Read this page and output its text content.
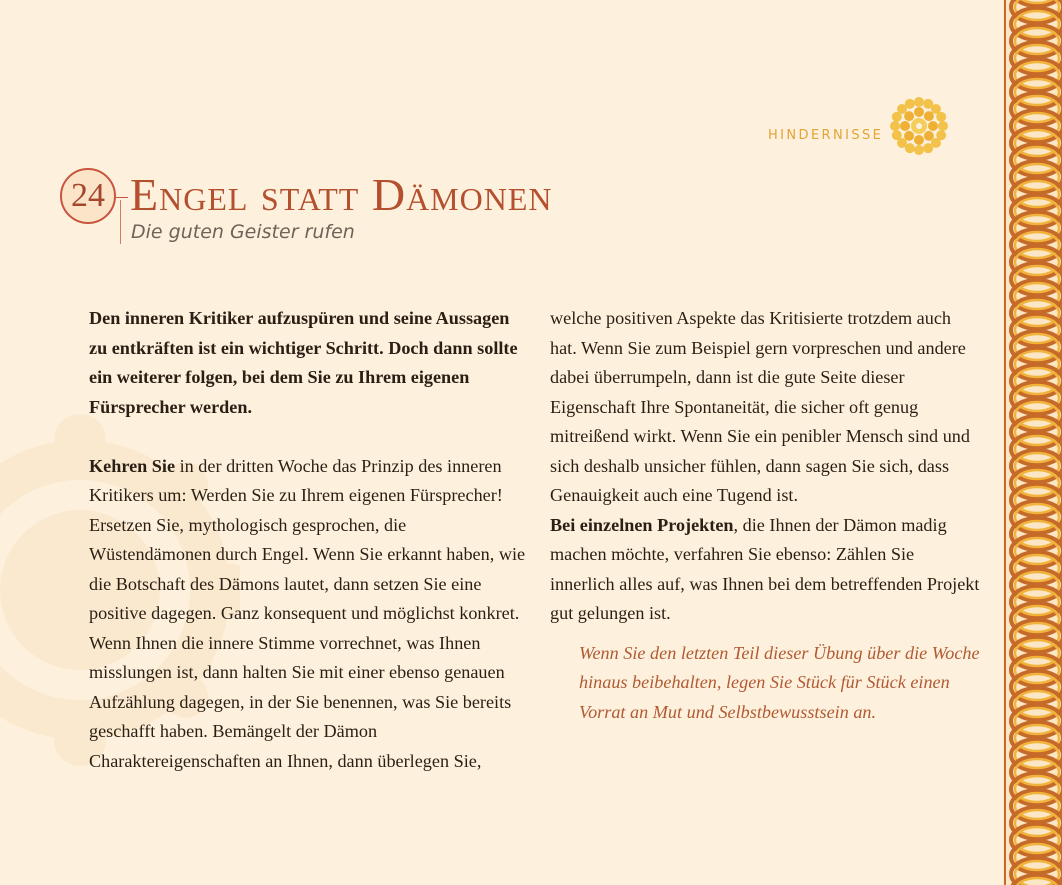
HINDERNISSE
24 Engel statt Dämonen
Die guten Geister rufen

Den inneren Kritiker aufzuspüren und seine Aussagen zu entkräften ist ein wichtiger Schritt. Doch dann sollte ein weiterer folgen, bei dem Sie zu Ihrem eigenen Fürsprecher werden.

Kehren Sie in der dritten Woche das Prinzip des inneren Kritikers um: Werden Sie zu Ihrem eigenen Fürsprecher! Ersetzen Sie, mythologisch gesprochen, die Wüstendämonen durch Engel. Wenn Sie erkannt haben, wie die Botschaft des Dämons lautet, dann setzen Sie eine positive dagegen. Ganz konsequent und möglichst konkret. Wenn Ihnen die innere Stimme vorrechnet, was Ihnen misslungen ist, dann halten Sie mit einer ebenso genauen Aufzählung dagegen, in der Sie benennen, was Sie bereits geschafft haben. Bemängelt der Dämon Charaktereigenschaften an Ihnen, dann überlegen Sie,

welche positiven Aspekte das Kritisierte trotzdem auch hat. Wenn Sie zum Beispiel gern vorpreschen und andere dabei überrumpeln, dann ist die gute Seite dieser Eigenschaft Ihre Spontaneität, die sicher oft genug mitreißend wirkt. Wenn Sie ein penibler Mensch sind und sich deshalb unsicher fühlen, dann sagen Sie sich, dass Genauigkeit auch eine Tugend ist.

Bei einzelnen Projekten, die Ihnen der Dämon madig machen möchte, verfahren Sie ebenso: Zählen Sie innerlich alles auf, was Ihnen bei dem betreffenden Projekt gut gelungen ist.

Wenn Sie den letzten Teil dieser Übung über die Woche hinaus beibehalten, legen Sie Stück für Stück einen Vorrat an Mut und Selbstbewusstsein an.
